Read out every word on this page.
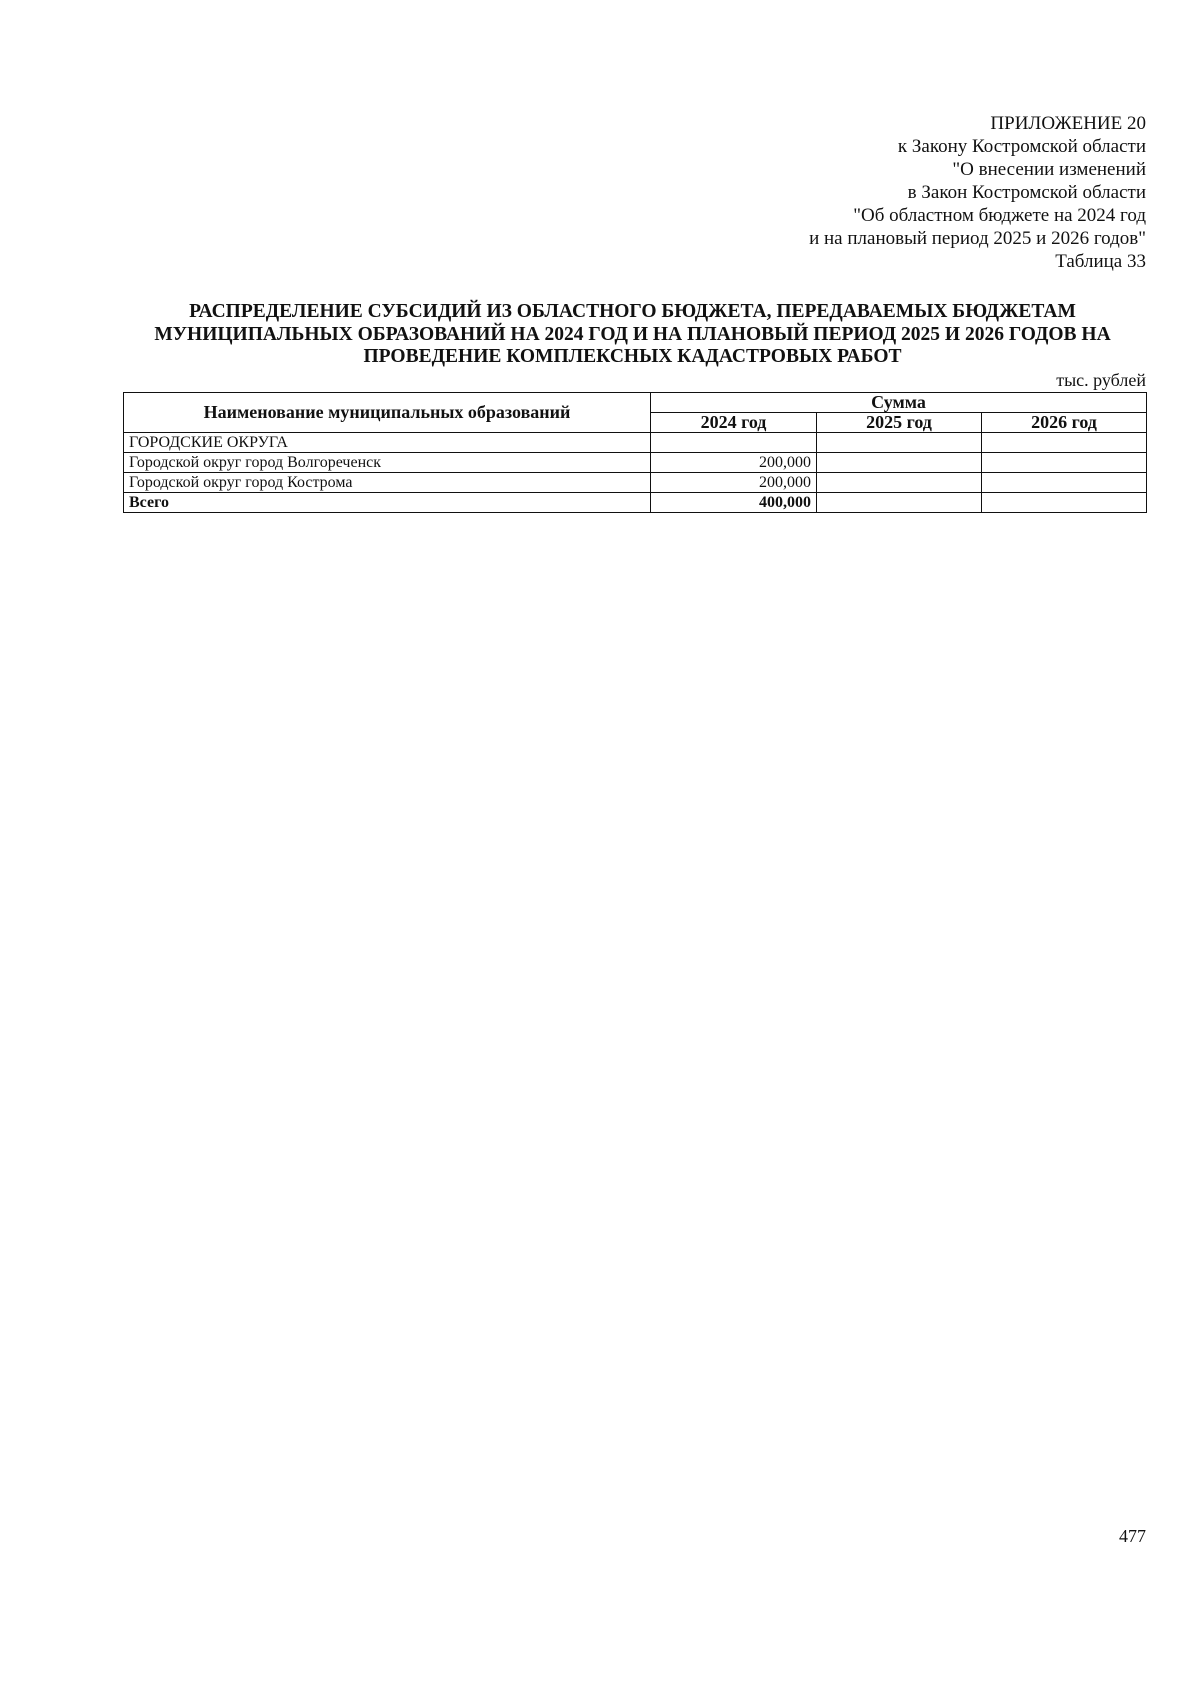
ПРИЛОЖЕНИЕ 20
к Закону Костромской области
"О внесении изменений
в Закон Костромской области
"Об областном бюджете на 2024 год
и на плановый период 2025 и 2026 годов"
Таблица 33
РАСПРЕДЕЛЕНИЕ СУБСИДИЙ ИЗ ОБЛАСТНОГО БЮДЖЕТА, ПЕРЕДАВАЕМЫХ БЮДЖЕТАМ
МУНИЦИПАЛЬНЫХ ОБРАЗОВАНИЙ НА 2024 ГОД И НА ПЛАНОВЫЙ ПЕРИОД 2025 И 2026 ГОДОВ НА
ПРОВЕДЕНИЕ КОМПЛЕКСНЫХ КАДАСТРОВЫХ РАБОТ
тыс. рублей
Наименование муниципальных образований	Сумма		
	2024 год	2025 год	2026 год
ГОРОДСКИЕ ОКРУГА			
Городской округ город Волгореченск	200,000		
Городской округ город Кострома	200,000		
Всего	400,000		
477
